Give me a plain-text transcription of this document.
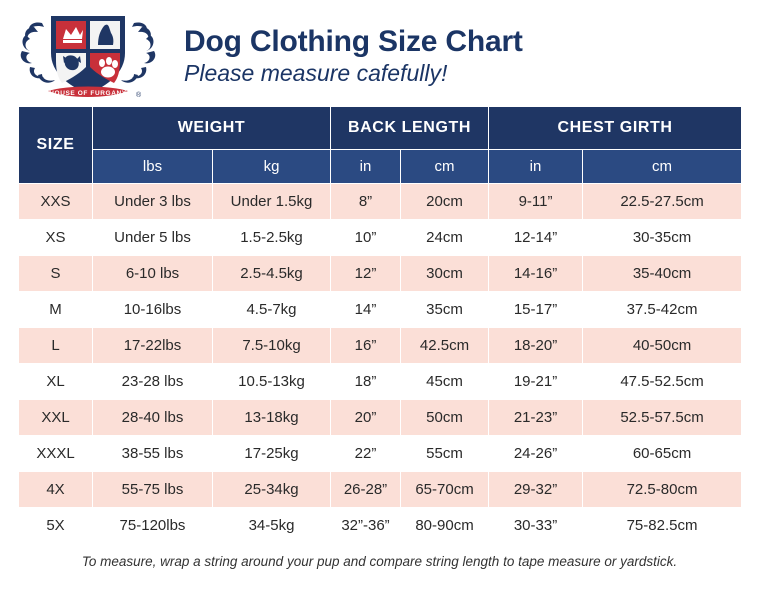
HOUSE OF FURGANY ®
Dog Clothing Size Chart
Please measure cafefully!
SIZE	WEIGHT		BACK LENGTH		CHEST GIRTH	
	lbs	kg	in	cm	in	cm
XXS	Under 3 lbs	Under 1.5kg	8”	20cm	9-11”	22.5-27.5cm
XS	Under 5 lbs	1.5-2.5kg	10”	24cm	12-14”	30-35cm
S	6-10 lbs	2.5-4.5kg	12”	30cm	14-16”	35-40cm
M	10-16lbs	4.5-7kg	14”	35cm	15-17”	37.5-42cm
L	17-22lbs	7.5-10kg	16”	42.5cm	18-20”	40-50cm
XL	23-28 lbs	10.5-13kg	18”	45cm	19-21”	47.5-52.5cm
XXL	28-40 lbs	13-18kg	20”	50cm	21-23”	52.5-57.5cm
XXXL	38-55 lbs	17-25kg	22”	55cm	24-26”	60-65cm
4X	55-75 lbs	25-34kg	26-28”	65-70cm	29-32”	72.5-80cm
5X	75-120lbs	34-5kg	32”-36”	80-90cm	30-33”	75-82.5cm
To measure, wrap a string around your pup and compare string length to tape measure or yardstick.
